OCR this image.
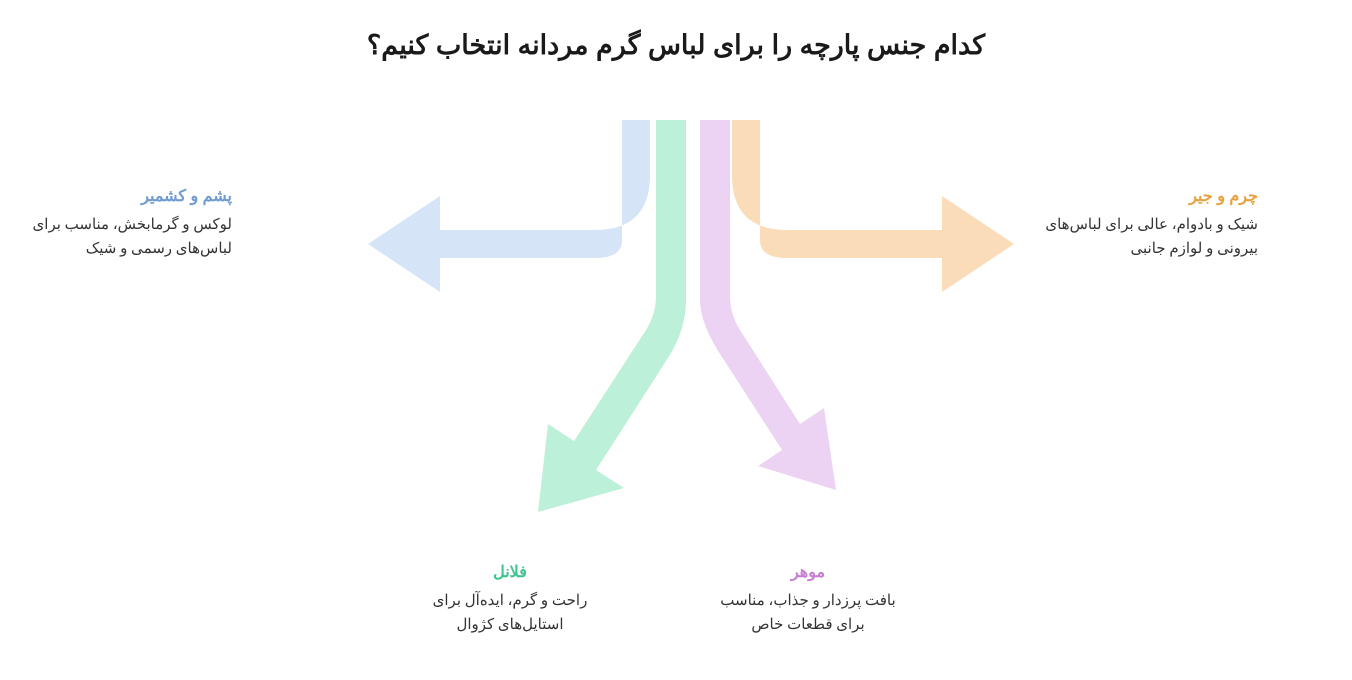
کدام جنس پارچه را برای لباس گرم مردانه انتخاب کنیم؟
پشم و کشمیر
لوکس و گرمابخش، مناسب برای لباس‌های رسمی و شیک
چرم و جیر
شیک و بادوام، عالی برای لباس‌های بیرونی و لوازم جانبی
فلانل
راحت و گرم، ایده‌آل برای استایل‌های کژوال
موهر
بافت پرزدار و جذاب، مناسب برای قطعات خاص
